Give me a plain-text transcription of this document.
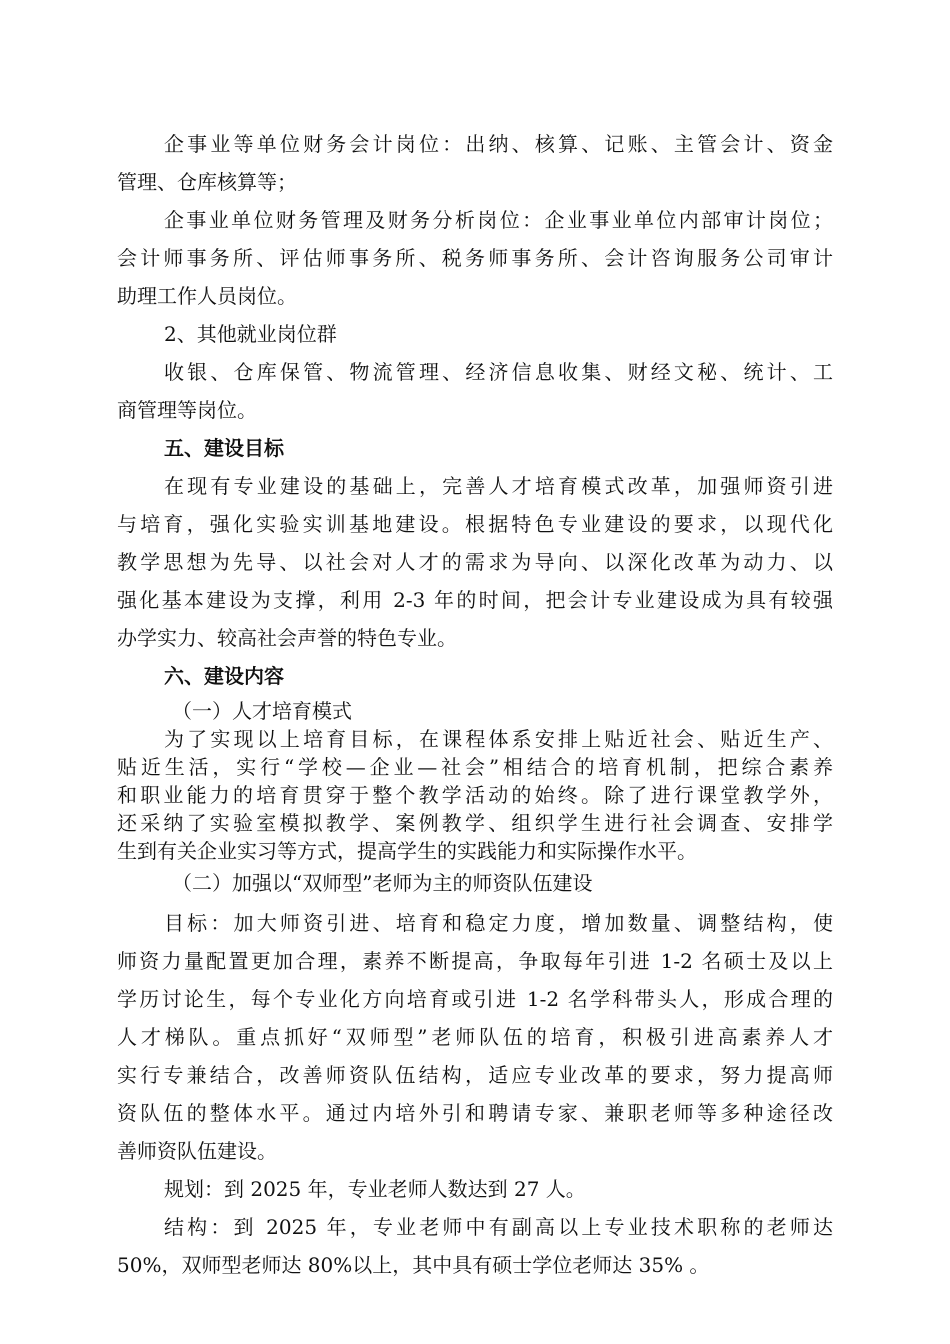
企事业等单位财务会计岗位：出纳、核算、记账、主管会计、资金
管理、仓库核算等；
企事业单位财务管理及财务分析岗位：企业事业单位内部审计岗位；
会计师事务所、评估师事务所、税务师事务所、会计咨询服务公司审计
助理工作人员岗位。
2、其他就业岗位群
收银、仓库保管、物流管理、经济信息收集、财经文秘、统计、工
商管理等岗位。
五、建设目标
在现有专业建设的基础上，完善人才培育模式改革，加强师资引进
与培育，强化实验实训基地建设。根据特色专业建设的要求，以现代化
教学思想为先导、以社会对人才的需求为导向、以深化改革为动力、以
强化基本建设为支撑，利用 2-3 年的时间，把会计专业建设成为具有较强
办学实力、较高社会声誉的特色专业。
六、建设内容
（一）人才培育模式
为了实现以上培育目标，在课程体系安排上贴近社会、贴近生产、
贴近生活，实行“学校—企业—社会”相结合的培育机制，把综合素养
和职业能力的培育贯穿于整个教学活动的始终。除了进行课堂教学外，
还采纳了实验室模拟教学、案例教学、组织学生进行社会调查、安排学
生到有关企业实习等方式，提高学生的实践能力和实际操作水平。
（二）加强以“双师型”老师为主的师资队伍建设
目标：加大师资引进、培育和稳定力度，增加数量、调整结构，使
师资力量配置更加合理，素养不断提高，争取每年引进 1-2 名硕士及以上
学历讨论生，每个专业化方向培育或引进 1-2 名学科带头人，形成合理的
人才梯队。重点抓好“双师型”老师队伍的培育，积极引进高素养人才
实行专兼结合，改善师资队伍结构，适应专业改革的要求，努力提高师
资队伍的整体水平。通过内培外引和聘请专家、兼职老师等多种途径改
善师资队伍建设。
规划：到 2025 年，专业老师人数达到 27 人。
结构：到 2025 年，专业老师中有副高以上专业技术职称的老师达
50%，双师型老师达 80%以上，其中具有硕士学位老师达 35% 。
